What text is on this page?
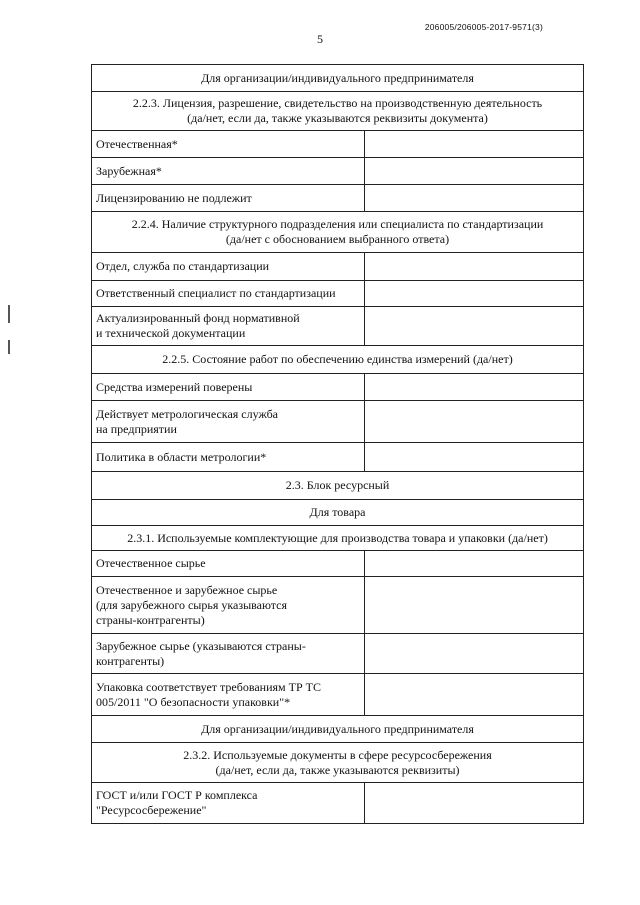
206005/206005-2017-9571(3)
5
Для организации/индивидуального предпринимателя	
2.2.3. Лицензия, разрешение, свидетельство на производственную деятельность
(да/нет, если да, также указываются реквизиты документа)	
Отечественная*	
Зарубежная*	
Лицензированию не подлежит	
2.2.4. Наличие структурного подразделения или специалиста по стандартизации
(да/нет с обоснованием выбранного ответа)	
Отдел, служба по стандартизации	
Ответственный специалист по стандартизации	
Актуализированный фонд нормативной
и технической документации	
2.2.5. Состояние работ по обеспечению единства измерений (да/нет)	
Средства измерений поверены	
Действует метрологическая служба
на предприятии	
Политика в области метрологии*	
2.3. Блок ресурсный	
Для товара	
2.3.1. Используемые комплектующие для производства товара и упаковки (да/нет)	
Отечественное сырье	
Отечественное и зарубежное сырье
(для зарубежного сырья указываются
страны-контрагенты)	
Зарубежное сырье (указываются страны-
контрагенты)	
Упаковка соответствует требованиям ТР ТС
005/2011 "О безопасности упаковки"*	
Для организации/индивидуального предпринимателя	
2.3.2. Используемые документы в сфере ресурсосбережения
(да/нет, если да, также указываются реквизиты)	
ГОСТ и/или ГОСТ Р комплекса
"Ресурсосбережение"	
